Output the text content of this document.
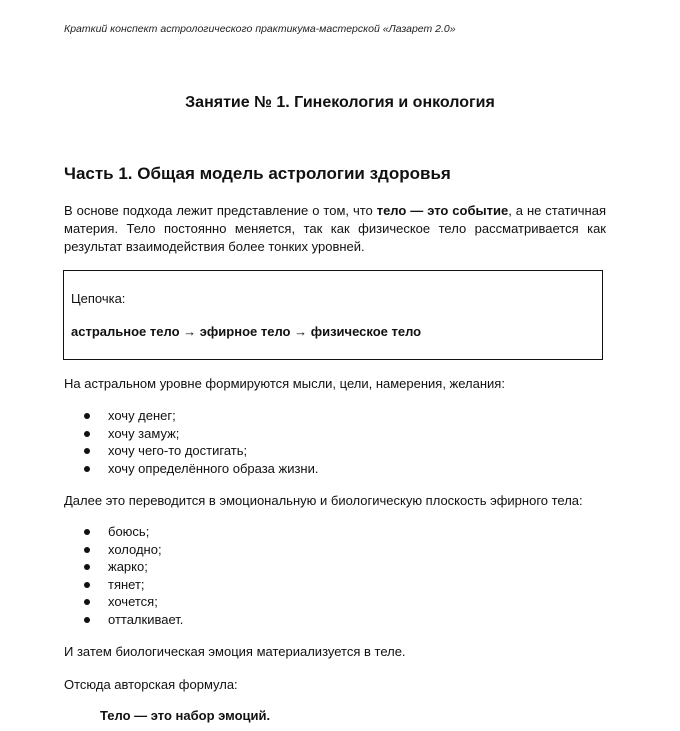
Краткий конспект астрологического практикума-мастерской «Лазарет 2.0»
Занятие № 1. Гинекология и онкология
Часть 1. Общая модель астрологии здоровья
В основе подхода лежит представление о том, что тело — это событие, а не статичная материя. Тело постоянно меняется, так как физическое тело рассматривается как результат взаимодействия более тонких уровней.
Цепочка:
астральное тело → эфирное тело → физическое тело
На астральном уровне формируются мысли, цели, намерения, желания:
хочу денег;
хочу замуж;
хочу чего-то достигать;
хочу определённого образа жизни.
Далее это переводится в эмоциональную и биологическую плоскость эфирного тела:
боюсь;
холодно;
жарко;
тянет;
хочется;
отталкивает.
И затем биологическая эмоция материализуется в теле.
Отсюда авторская формула:
Тело — это набор эмоций.
